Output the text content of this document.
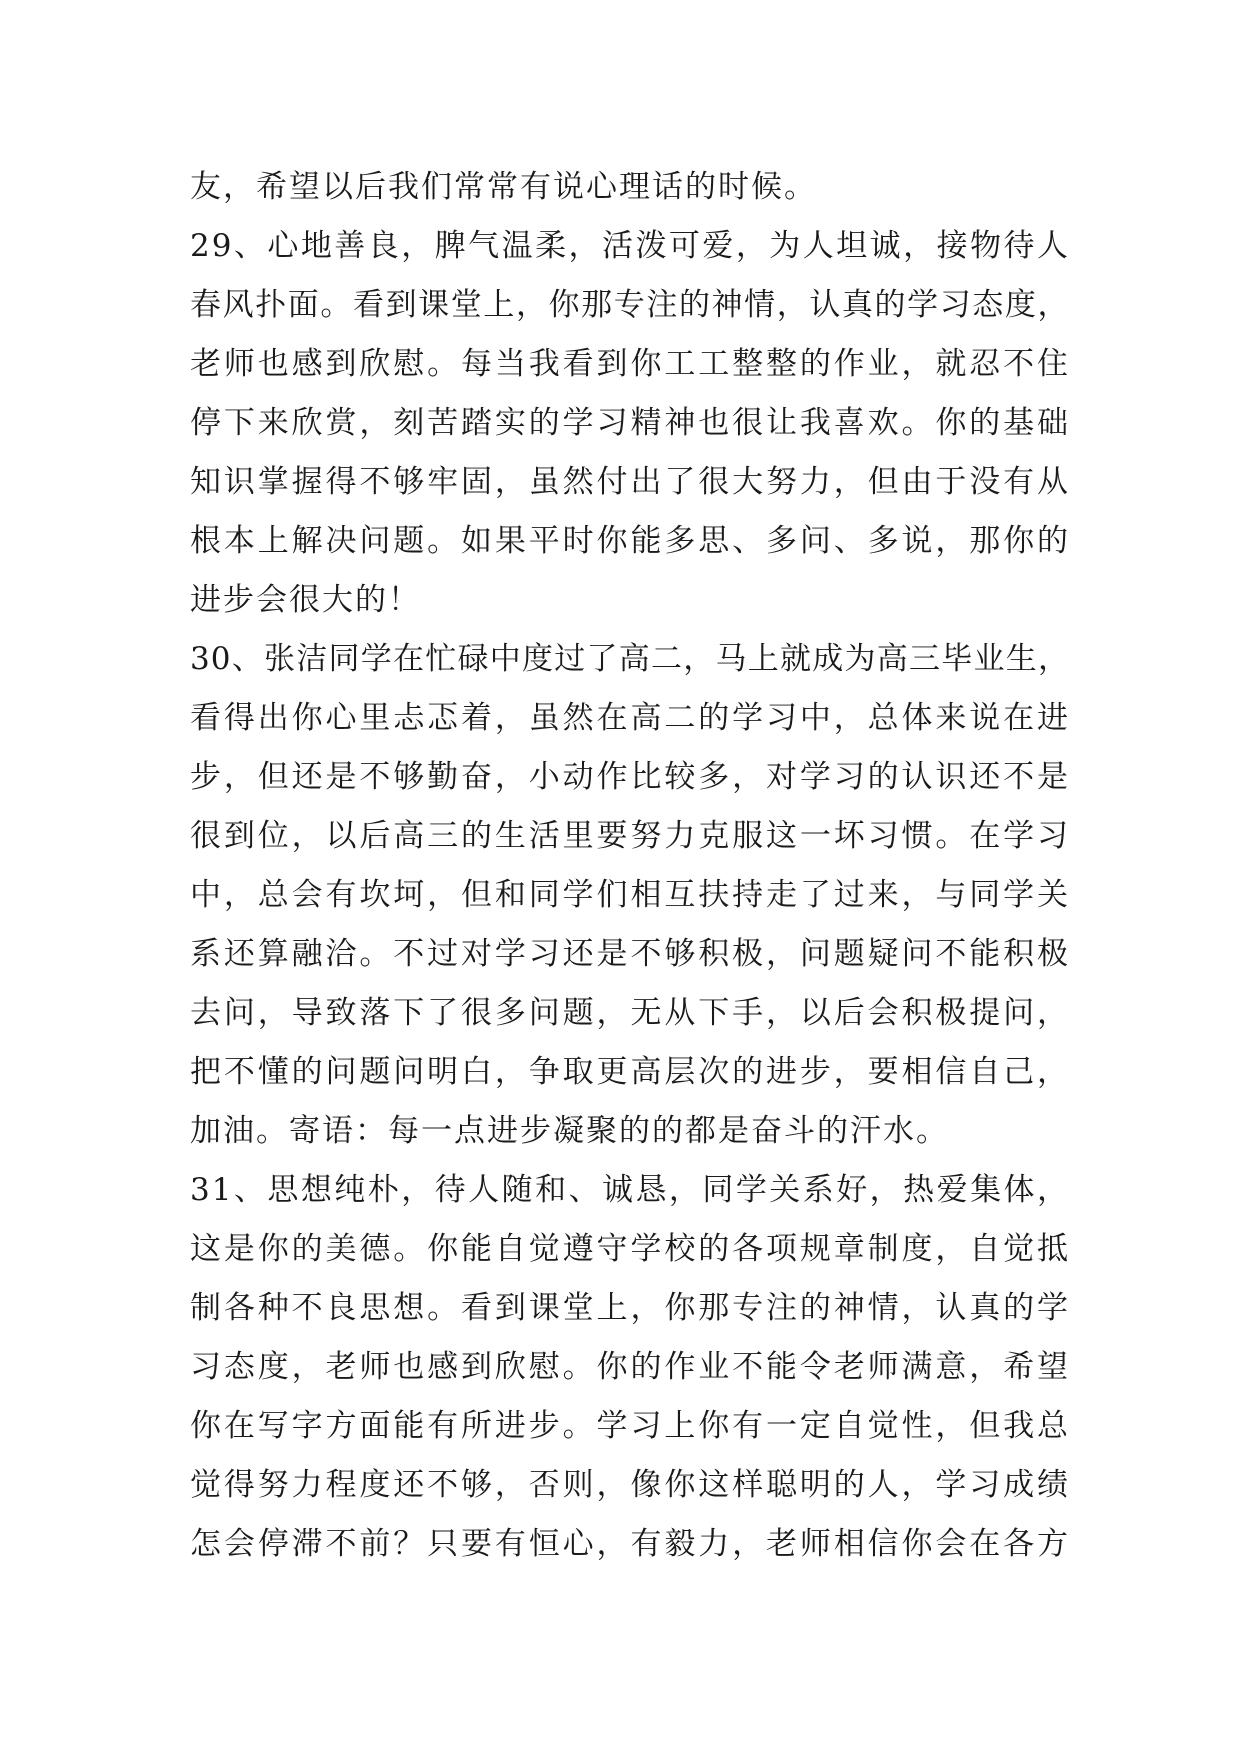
友，希望以后我们常常有说心理话的时候。
29、心地善良，脾气温柔，活泼可爱，为人坦诚，接物待人
春风扑面。看到课堂上，你那专注的神情，认真的学习态度，
老师也感到欣慰。每当我看到你工工整整的作业，就忍不住
停下来欣赏，刻苦踏实的学习精神也很让我喜欢。你的基础
知识掌握得不够牢固，虽然付出了很大努力，但由于没有从
根本上解决问题。如果平时你能多思、多问、多说，那你的
进步会很大的！
30、张洁同学在忙碌中度过了高二，马上就成为高三毕业生，
看得出你心里忐忑着，虽然在高二的学习中，总体来说在进
步，但还是不够勤奋，小动作比较多，对学习的认识还不是
很到位，以后高三的生活里要努力克服这一坏习惯。在学习
中，总会有坎坷，但和同学们相互扶持走了过来，与同学关
系还算融洽。不过对学习还是不够积极，问题疑问不能积极
去问，导致落下了很多问题，无从下手，以后会积极提问，
把不懂的问题问明白，争取更高层次的进步，要相信自己，
加油。寄语：每一点进步凝聚的的都是奋斗的汗水。
31、思想纯朴，待人随和、诚恳，同学关系好，热爱集体，
这是你的美德。你能自觉遵守学校的各项规章制度，自觉抵
制各种不良思想。看到课堂上，你那专注的神情，认真的学
习态度，老师也感到欣慰。你的作业不能令老师满意，希望
你在写字方面能有所进步。学习上你有一定自觉性，但我总
觉得努力程度还不够，否则，像你这样聪明的人，学习成绩
怎会停滞不前？只要有恒心，有毅力，老师相信你会在各方
